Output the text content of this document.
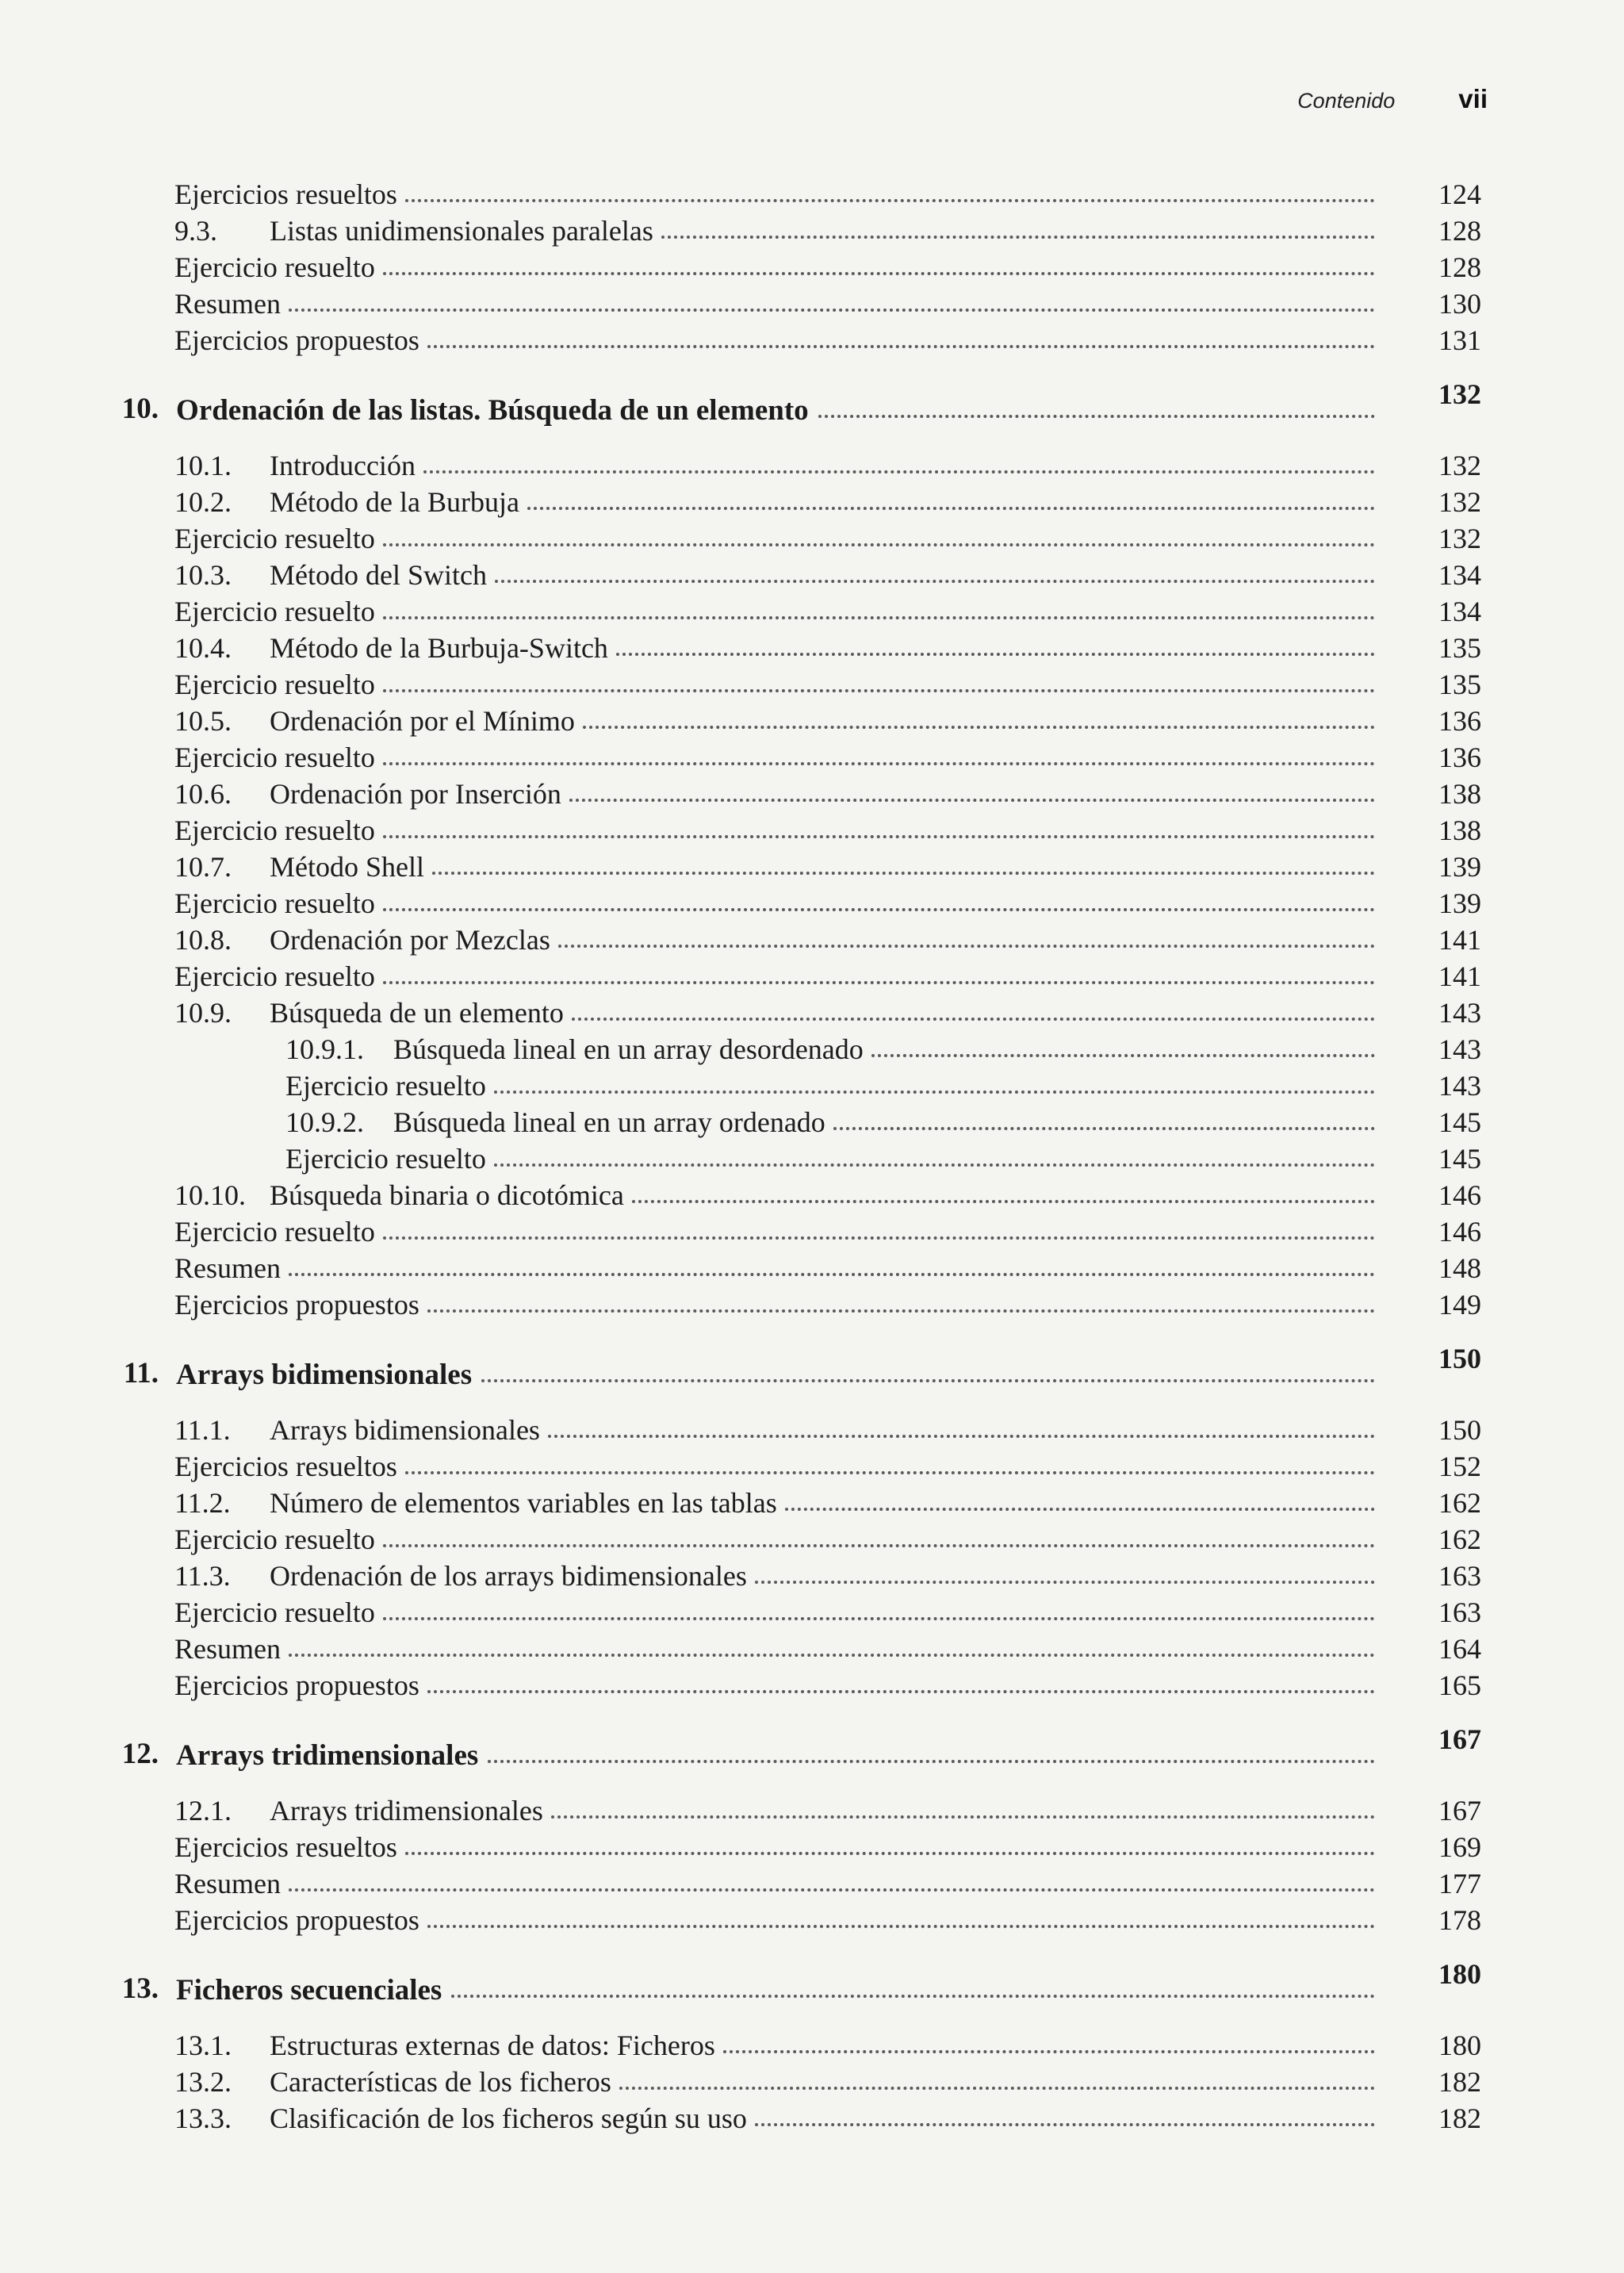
Contenido vii
Ejercicios resueltos	124
9.3.	Listas unidimensionales paralelas	128
Ejercicio resuelto	128
Resumen	130
Ejercicios propuestos	131
10. Ordenación de las listas. Búsqueda de un elemento	132
10.1.	Introducción	132
10.2.	Método de la Burbuja	132
Ejercicio resuelto	132
10.3.	Método del Switch	134
Ejercicio resuelto	134
10.4.	Método de la Burbuja-Switch	135
Ejercicio resuelto	135
10.5.	Ordenación por el Mínimo	136
Ejercicio resuelto	136
10.6.	Ordenación por Inserción	138
Ejercicio resuelto	138
10.7.	Método Shell	139
Ejercicio resuelto	139
10.8.	Ordenación por Mezclas	141
Ejercicio resuelto	141
10.9.	Búsqueda de un elemento	143
10.9.1.	Búsqueda lineal en un array desordenado	143
Ejercicio resuelto	143
10.9.2.	Búsqueda lineal en un array ordenado	145
Ejercicio resuelto	145
10.10. Búsqueda binaria o dicotómica	146
Ejercicio resuelto	146
Resumen	148
Ejercicios propuestos	149
11. Arrays bidimensionales	150
11.1.	Arrays bidimensionales	150
Ejercicios resueltos	152
11.2.	Número de elementos variables en las tablas	162
Ejercicio resuelto	162
11.3.	Ordenación de los arrays bidimensionales	163
Ejercicio resuelto	163
Resumen	164
Ejercicios propuestos	165
12. Arrays tridimensionales	167
12.1.	Arrays tridimensionales	167
Ejercicios resueltos	169
Resumen	177
Ejercicios propuestos	178
13. Ficheros secuenciales	180
13.1.	Estructuras externas de datos: Ficheros	180
13.2.	Características de los ficheros	182
13.3.	Clasificación de los ficheros según su uso	182
